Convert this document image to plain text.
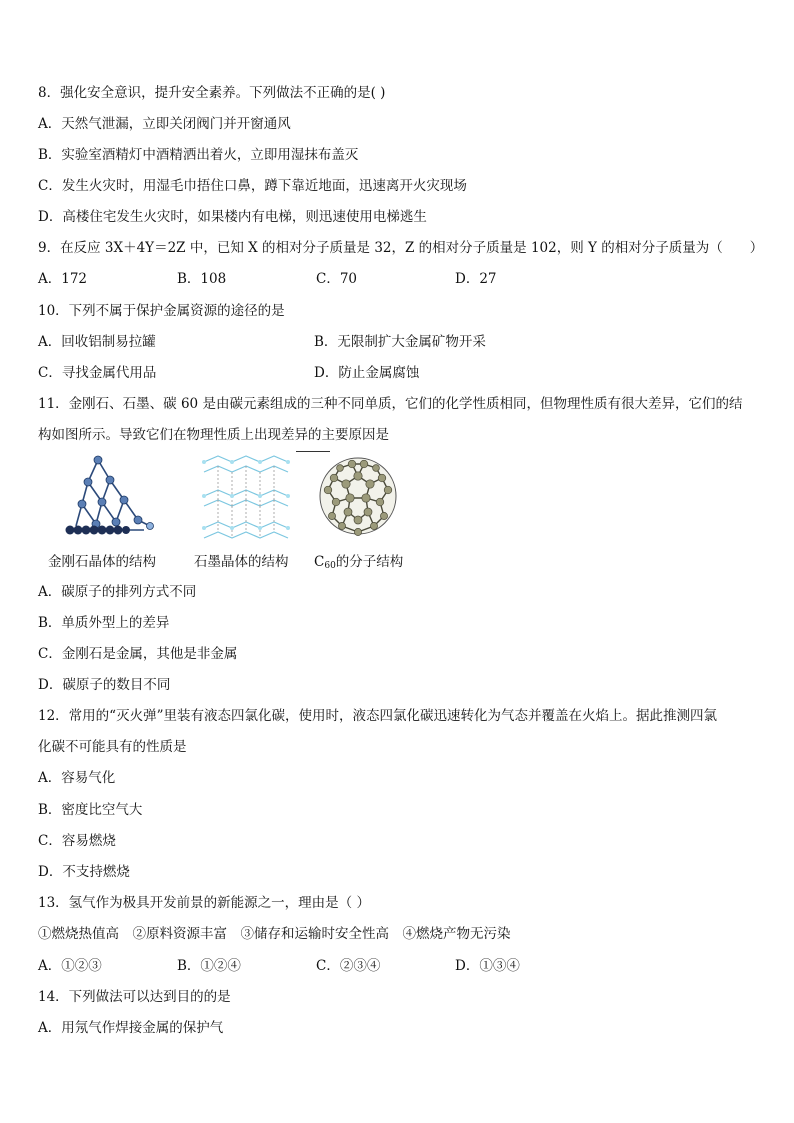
8．强化安全意识，提升安全素养。下列做法不正确的是( )
A．天然气泄漏，立即关闭阀门并开窗通风
B．实验室酒精灯中酒精洒出着火，立即用湿抹布盖灭
C．发生火灾时，用湿毛巾捂住口鼻，蹲下靠近地面，迅速离开火灾现场
D．高楼住宅发生火灾时，如果楼内有电梯，则迅速使用电梯逃生
9．在反应 3X＋4Y＝2Z 中，已知 X 的相对分子质量是 32，Z 的相对分子质量是 102，则 Y 的相对分子质量为（　　）
A．172	B．108	C．70	D．27
10．下列不属于保护金属资源的途径的是
A．回收铝制易拉罐	B．无限制扩大金属矿物开采
C．寻找金属代用品	D．防止金属腐蚀
11．金刚石、石墨、碳 60 是由碳元素组成的三种不同单质，它们的化学性质相同，但物理性质有很大差异，它们的结
构如图所示。导致它们在物理性质上出现差异的主要原因是
金刚石晶体的结构	石墨晶体的结构 $C_{60}$的分子结构
A．碳原子的排列方式不同
B．单质外型上的差异
C．金刚石是金属，其他是非金属
D．碳原子的数目不同
12．常用的“灭火弹”里装有液态四氯化碳，使用时，液态四氯化碳迅速转化为气态并覆盖在火焰上。据此推测四氯
化碳不可能具有的性质是
A．容易气化
B．密度比空气大
C．容易燃烧
D．不支持燃烧
13．氢气作为极具开发前景的新能源之一，理由是（ ）
①燃烧热值高　②原料资源丰富　③储存和运输时安全性高　④燃烧产物无污染
A．①②③	B．①②④	C．②③④	D．①③④
14．下列做法可以达到目的的是
A．用氖气作焊接金属的保护气
